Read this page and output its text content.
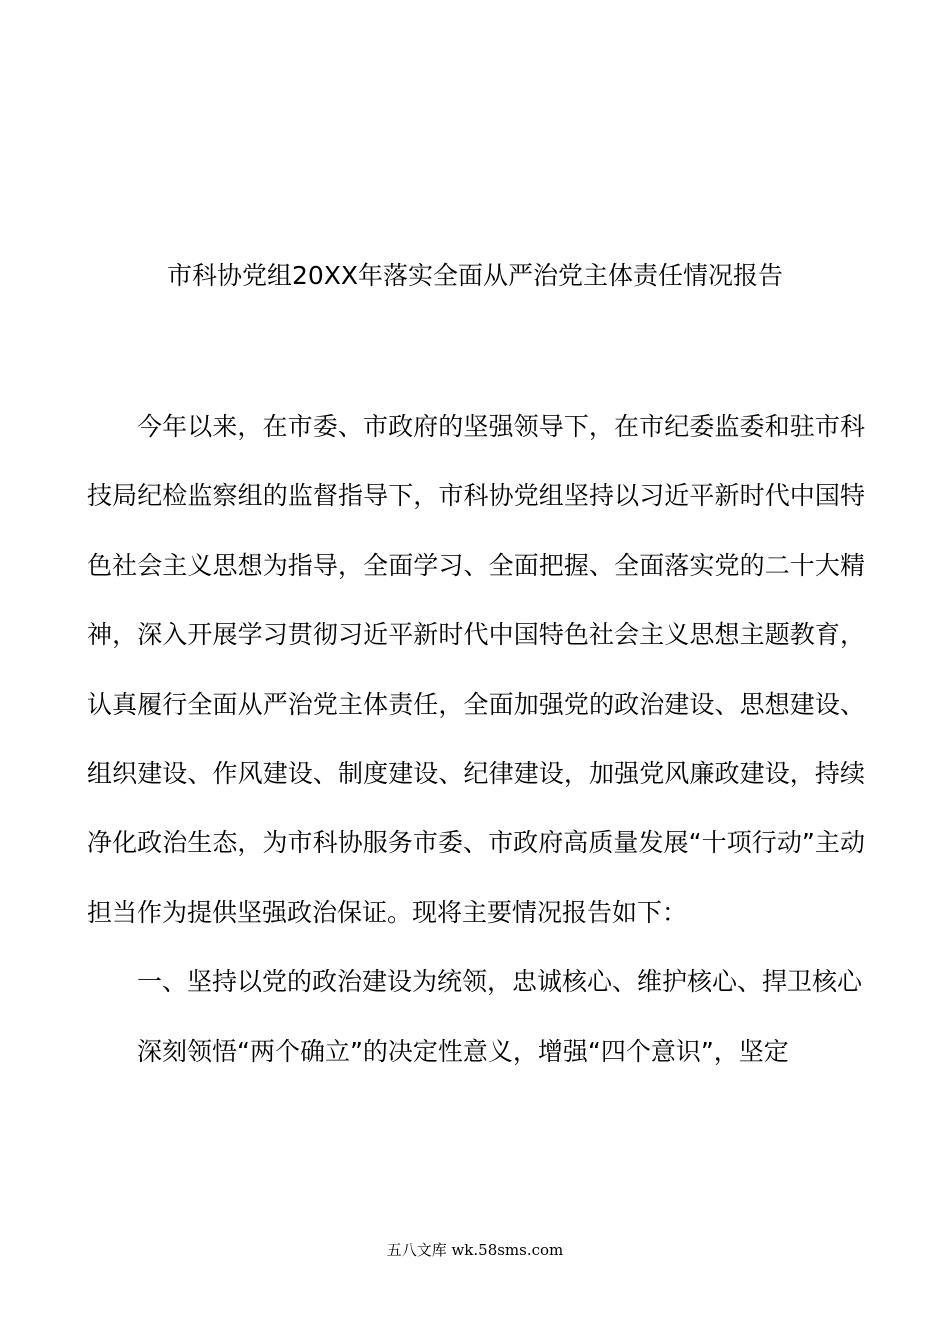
市科协党组20XX年落实全面从严治党主体责任情况报告

今年以来，在市委、市政府的坚强领导下，在市纪委监委和驻市科技局纪检监察组的监督指导下，市科协党组坚持以习近平新时代中国特色社会主义思想为指导，全面学习、全面把握、全面落实党的二十大精神，深入开展学习贯彻习近平新时代中国特色社会主义思想主题教育，认真履行全面从严治党主体责任，全面加强党的政治建设、思想建设、组织建设、作风建设、制度建设、纪律建设，加强党风廉政建设，持续净化政治生态，为市科协服务市委、市政府高质量发展“十项行动”主动担当作为提供坚强政治保证。现将主要情况报告如下：

一、坚持以党的政治建设为统领，忠诚核心、维护核心、捍卫核心

深刻领悟“两个确立”的决定性意义，增强“四个意识”，坚定

五八文库 wk.58sms.com
